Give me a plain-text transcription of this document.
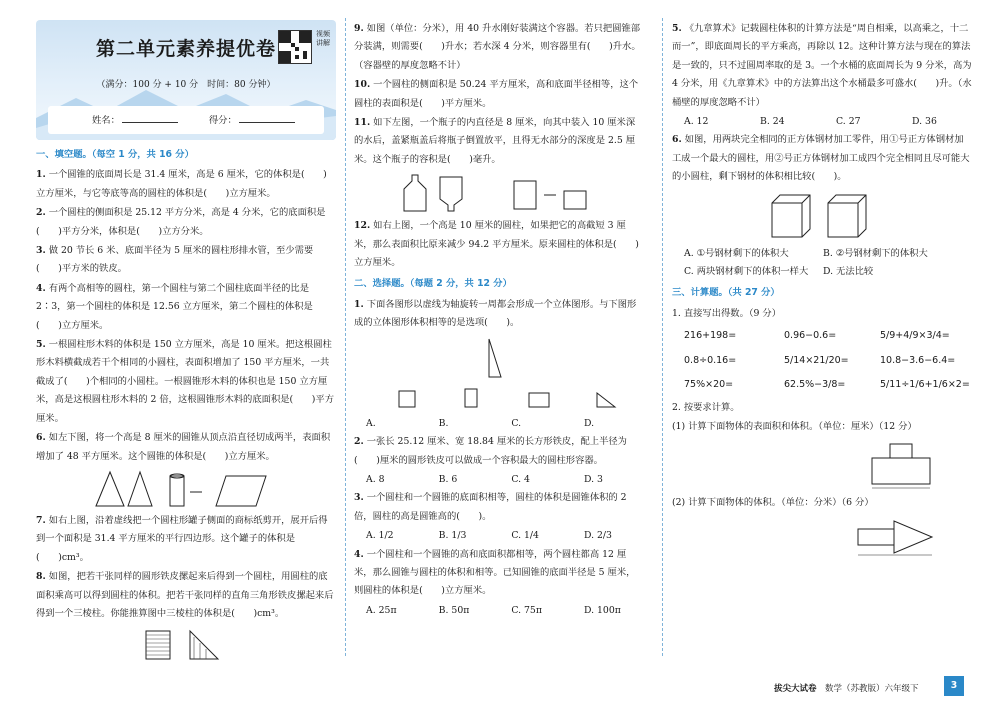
第二单元素养提优卷
视频讲解
（满分：100 分 + 10 分　时间：80 分钟）
姓名：	得分：
一、填空题。（每空 1 分，共 16 分）
1. 一个圆锥的底面周长是 31.4 厘米，高是 6 厘米，它的体积是(　　)立方厘米，与它等底等高的圆柱的体积是(　　)立方厘米。
2. 一个圆柱的侧面积是 25.12 平方分米，高是 4 分米，它的底面积是(　　)平方分米，体积是(　　)立方分米。
3. 做 20 节长 6 米、底面半径为 5 厘米的圆柱形排水管，至少需要(　　)平方米的铁皮。
4. 有两个高相等的圆柱，第一个圆柱与第二个圆柱底面半径的比是 2∶3，第一个圆柱的体积是 12.56 立方厘米，第二个圆柱的体积是(　　)立方厘米。
5. 一根圆柱形木料的体积是 150 立方厘米，高是 10 厘米。把这根圆柱形木料横截成若干个相同的小圆柱，表面积增加了 150 平方厘米，一共截成了(　　)个相同的小圆柱。一根圆锥形木料的体积也是 150 立方厘米，高是这根圆柱形木料的 2 倍，这根圆锥形木料的底面积是(　　)平方厘米。
6. 如左下图，将一个高是 8 厘米的圆锥从顶点沿直径切成两半，表面积增加了 48 平方厘米。这个圆锥的体积是(　　)立方厘米。
7. 如右上图，沿着虚线把一个圆柱形罐子侧面的商标纸剪开，展开后得到一个面积是 31.4 平方厘米的平行四边形。这个罐子的体积是(　　)cm³。
8. 如图，把若干张同样的圆形铁皮摞起来后得到一个圆柱，用圆柱的底面积乘高可以得到圆柱的体积。把若干张同样的直角三角形铁皮摞起来后得到一个三棱柱。你能推算图中三棱柱的体积是(　　)cm³。
9. 如图（单位：分米），用 40 升水刚好装满这个容器。若只把圆锥部分装满，则需要(　　)升水；若水深 4 分米，则容器里有(　　)升水。（容器壁的厚度忽略不计）
10. 一个圆柱的侧面积是 50.24 平方厘米，高和底面半径相等，这个圆柱的表面积是(　　)平方厘米。
11. 如下左图，一个瓶子的内直径是 8 厘米，向其中装入 10 厘米深的水后，盖紧瓶盖后将瓶子倒置放平，且得无水部分的深度是 2.5 厘米。这个瓶子的容积是(　　)毫升。
12. 如右上图，一个高是 10 厘米的圆柱，如果把它的高截短 3 厘米，那么表面积比原来减少 94.2 平方厘米。原来圆柱的体积是(　　)立方厘米。
二、选择题。（每题 2 分，共 12 分）
1. 下面各图形以虚线为轴旋转一周都会形成一个立体图形。与下图形成的立体图形体积相等的是选项(　　)。
A.	B.	C.	D.
2. 一张长 25.12 厘米、宽 18.84 厘米的长方形铁皮，配上半径为(　　)厘米的圆形铁皮可以做成一个容积最大的圆柱形容器。
A. 8	B. 6	C. 4	D. 3
3. 一个圆柱和一个圆锥的底面积相等，圆柱的体积是圆锥体积的 2 倍，圆柱的高是圆锥高的(　　)。
A. 1/2	B. 1/3	C. 1/4	D. 2/3
4. 一个圆柱和一个圆锥的高和底面积都相等，两个圆柱都高 12 厘米，那么圆锥与圆柱的体积和相等。已知圆锥的底面半径是 5 厘米，则圆柱的体积是(　　)立方厘米。
A. 25π	B. 50π	C. 75π	D. 100π
5. 《九章算术》记载圆柱体积的计算方法是“周自相乘，以高乘之，十二而一”，即底面周长的平方乘高，再除以 12。这种计算方法与现在的算法是一致的，只不过圆周率取的是 3。一个水桶的底面周长为 9 分米，高为 4 分米，用《九章算术》中的方法算出这个水桶最多可盛水(　　)升。（水桶壁的厚度忽略不计）
A. 12	B. 24	C. 27	D. 36
6. 如图，用两块完全相同的正方体钢材加工零件，用①号正方体钢材加工成一个最大的圆柱，用②号正方体钢材加工成四个完全相同且尽可能大的小圆柱，剩下钢材的体积相比较(　　)。
A. ①号钢材剩下的体积大	B. ②号钢材剩下的体积大
C. 两块钢材剩下的体积一样大	D. 无法比较
三、计算题。（共 27 分）
1. 直接写出得数。（9 分）
216+198=	0.96−0.6=	5/9+4/9×3/4=
0.8÷0.16=	5/14×21/20=	10.8−3.6−6.4=
75%×20=	62.5%−3/8=	5/11÷1/6+1/6×2=
2. 按要求计算。
(1) 计算下面物体的表面积和体积。（单位：厘米）（12 分）
(2) 计算下面物体的体积。（单位：分米）（6 分）
拔尖大试卷　 数学（苏教版）六年级下	3
